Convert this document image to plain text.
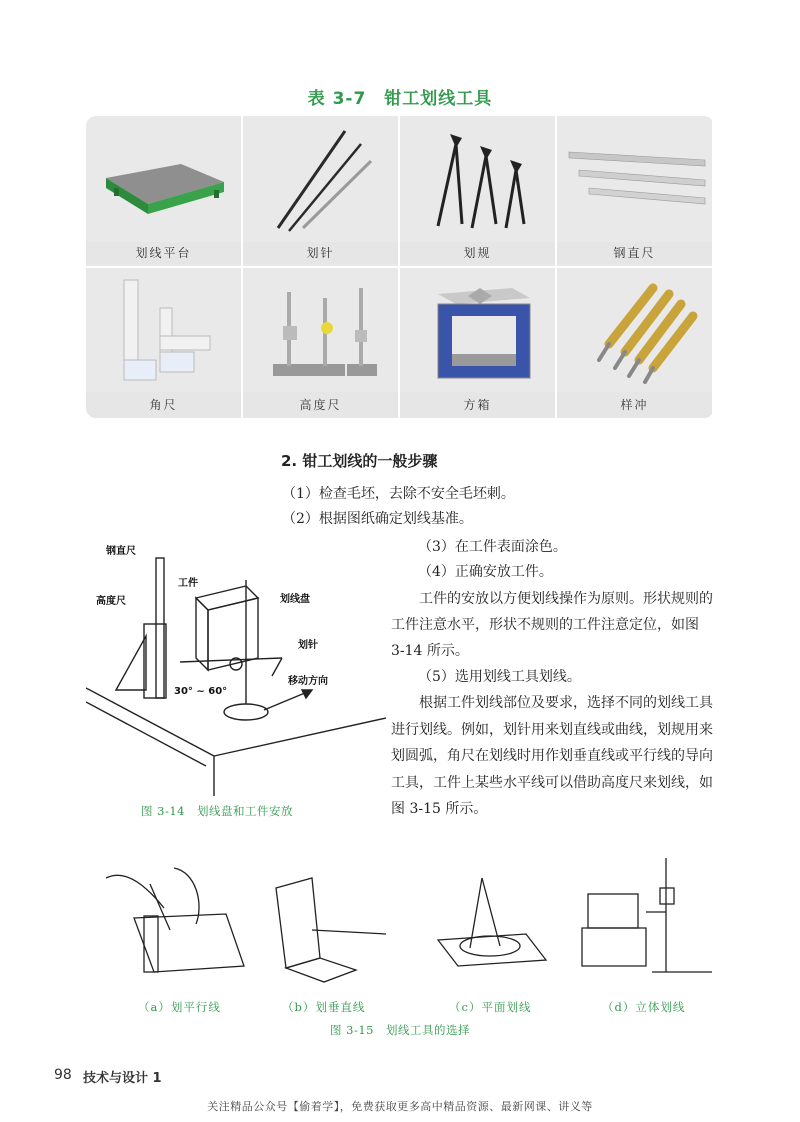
表 3-7　钳工划线工具
划线平台	划针	划规	钢直尺
角尺	高度尺	方箱	样冲
2. 钳工划线的一般步骤
（1）检查毛坯，去除不安全毛坯刺。
（2）根据图纸确定划线基准。
（3）在工件表面涂色。
（4）正确安放工件。
工件的安放以方便划线操作为原则。形状规则的工件注意水平，形状不规则的工件注意定位，如图 3-14 所示。
（5）选用划线工具划线。
根据工件划线部位及要求，选择不同的划线工具进行划线。例如，划针用来划直线或曲线，划规用来划圆弧，角尺在划线时用作划垂直线或平行线的导向工具，工件上某些水平线可以借助高度尺来划线，如图 3-15 所示。
钢直尺
高度尺
工件
划线盘
划针
移动方向
30° ~ 60°
图 3-14　划线盘和工件安放
（a）划平行线	（b）划垂直线	（c）平面划线	（d）立体划线
图 3-15　划线工具的选择
98 技术与设计 1
关注精品公众号【偷着学】，免费获取更多高中精品资源、最新网课、讲义等
